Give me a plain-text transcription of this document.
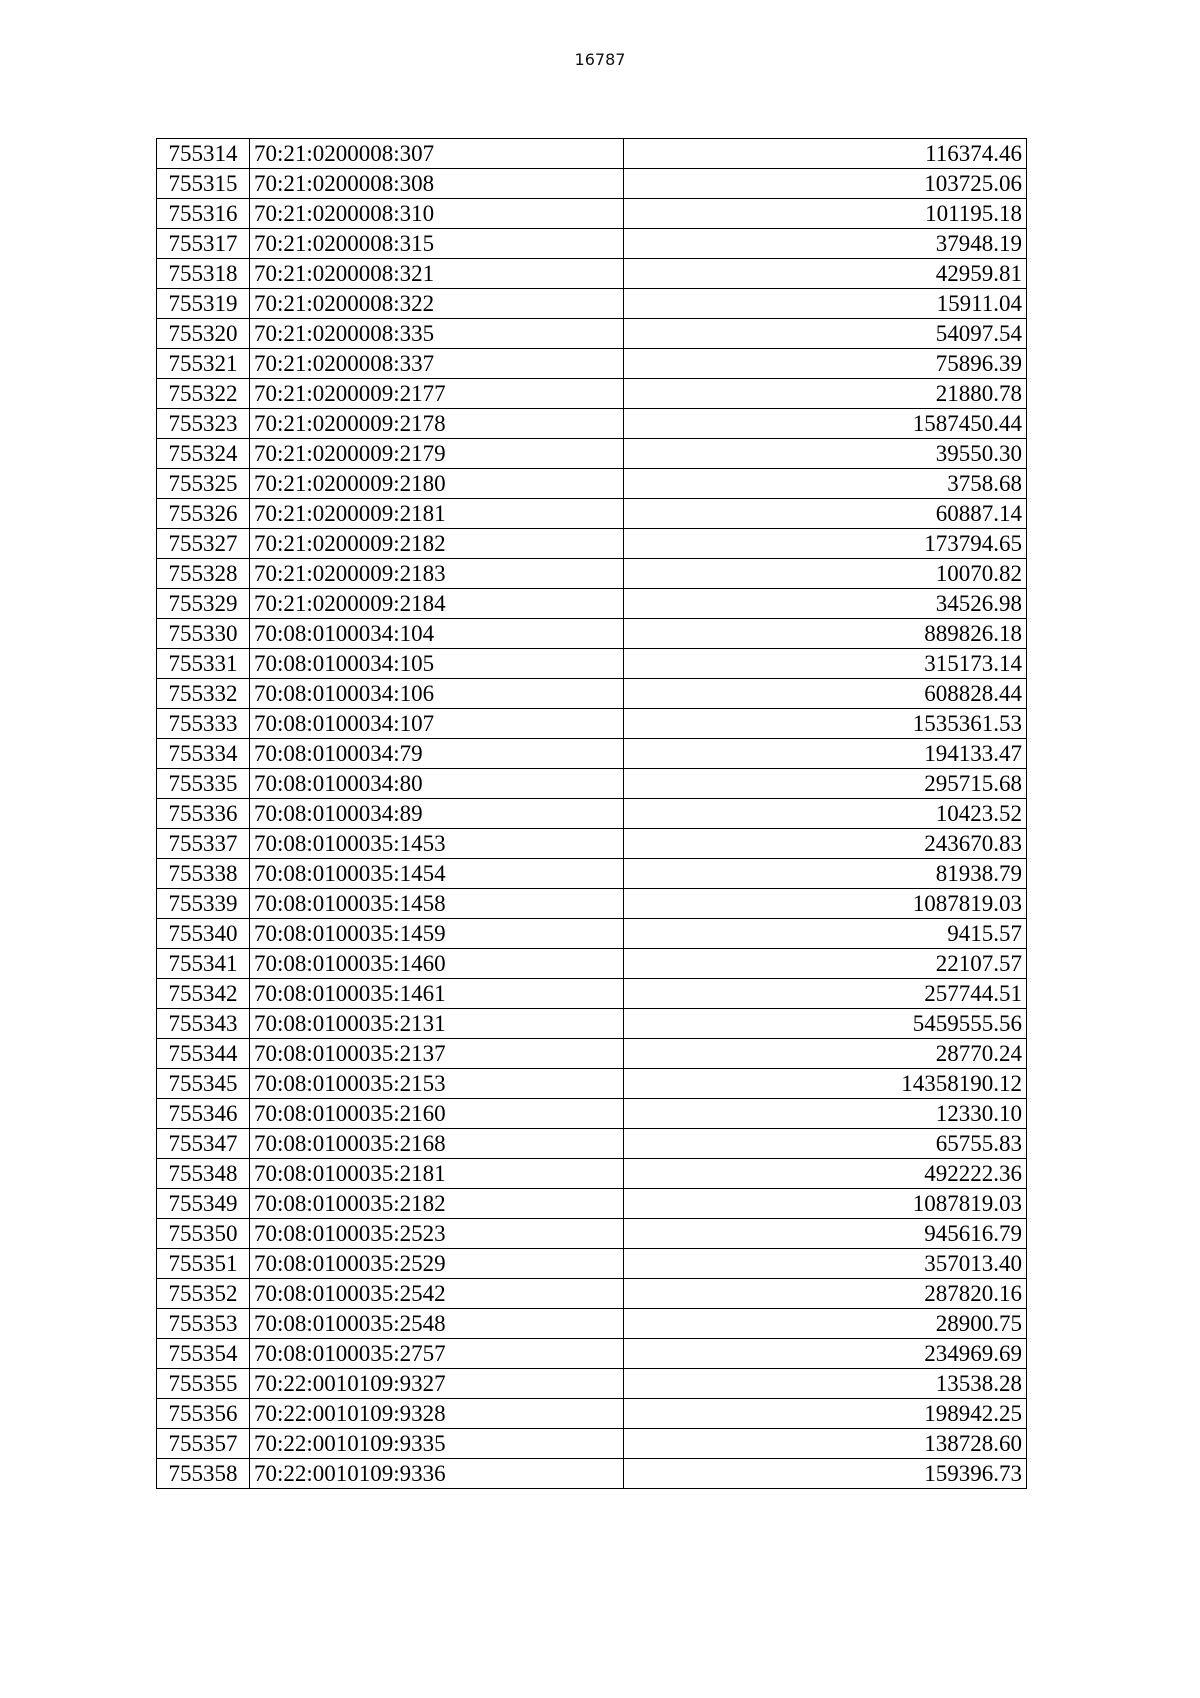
16787
755314	70:21:0200008:307	116374.46
755315	70:21:0200008:308	103725.06
755316	70:21:0200008:310	101195.18
755317	70:21:0200008:315	37948.19
755318	70:21:0200008:321	42959.81
755319	70:21:0200008:322	15911.04
755320	70:21:0200008:335	54097.54
755321	70:21:0200008:337	75896.39
755322	70:21:0200009:2177	21880.78
755323	70:21:0200009:2178	1587450.44
755324	70:21:0200009:2179	39550.30
755325	70:21:0200009:2180	3758.68
755326	70:21:0200009:2181	60887.14
755327	70:21:0200009:2182	173794.65
755328	70:21:0200009:2183	10070.82
755329	70:21:0200009:2184	34526.98
755330	70:08:0100034:104	889826.18
755331	70:08:0100034:105	315173.14
755332	70:08:0100034:106	608828.44
755333	70:08:0100034:107	1535361.53
755334	70:08:0100034:79	194133.47
755335	70:08:0100034:80	295715.68
755336	70:08:0100034:89	10423.52
755337	70:08:0100035:1453	243670.83
755338	70:08:0100035:1454	81938.79
755339	70:08:0100035:1458	1087819.03
755340	70:08:0100035:1459	9415.57
755341	70:08:0100035:1460	22107.57
755342	70:08:0100035:1461	257744.51
755343	70:08:0100035:2131	5459555.56
755344	70:08:0100035:2137	28770.24
755345	70:08:0100035:2153	14358190.12
755346	70:08:0100035:2160	12330.10
755347	70:08:0100035:2168	65755.83
755348	70:08:0100035:2181	492222.36
755349	70:08:0100035:2182	1087819.03
755350	70:08:0100035:2523	945616.79
755351	70:08:0100035:2529	357013.40
755352	70:08:0100035:2542	287820.16
755353	70:08:0100035:2548	28900.75
755354	70:08:0100035:2757	234969.69
755355	70:22:0010109:9327	13538.28
755356	70:22:0010109:9328	198942.25
755357	70:22:0010109:9335	138728.60
755358	70:22:0010109:9336	159396.73
